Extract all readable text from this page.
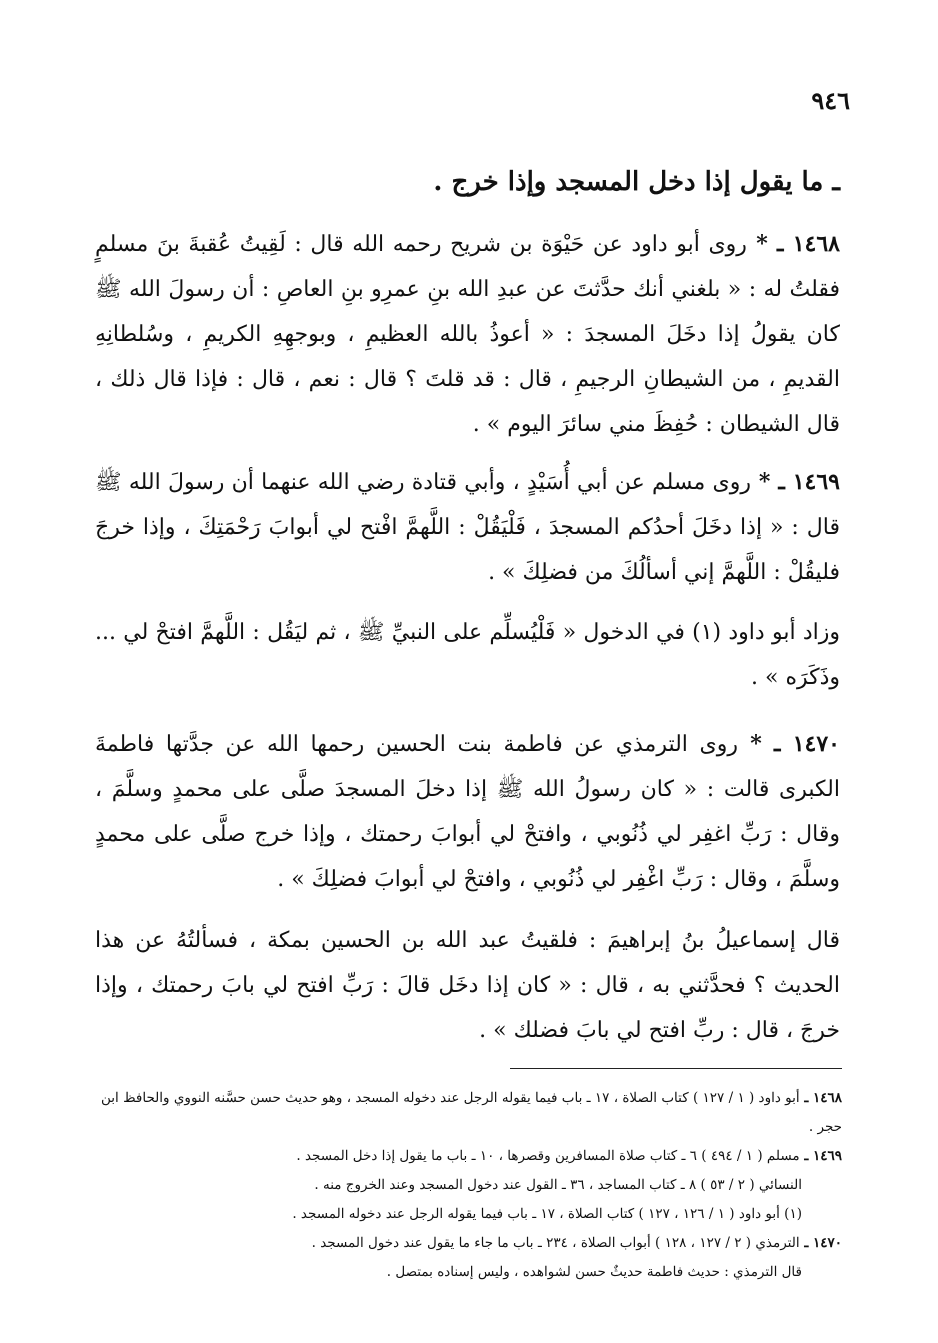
٩٤٦
ـ ما يقول إذا دخل المسجد وإذا خرج .
١٤٦٨ ـ * روى أبو داود عن حَيْوَة بن شريح رحمه الله قال : لَقِيتُ عُقبةَ بنَ مسلمٍ فقلتُ له : « بلغني أنك حدَّثتَ عن عبدِ الله بنِ عمرِو بنِ العاصِ : أن رسولَ الله ﷺ كان يقولُ إذا دخَلَ المسجدَ : « أعوذُ بالله العظيمِ ، وبوجهِهِ الكريمِ ، وسُلطانِهِ القديمِ ، من الشيطانِ الرجيمِ ، قال : قد قلتَ ؟ قال : نعم ، قال : فإذا قال ذلك ، قال الشيطان : حُفِظَ مني سائرَ اليوم » .
١٤٦٩ ـ * روى مسلم عن أبي أُسَيْدٍ ، وأبي قتادة رضي الله عنهما أن رسولَ الله ﷺ قال : « إذا دخَلَ أحدُكم المسجدَ ، فَلْيَقُلْ : اللَّهمَّ افْتح لي أبوابَ رَحْمَتِكَ ، وإذا خرجَ فليقُلْ : اللَّهمَّ إني أسألُكَ من فضلِكَ » .
وزاد أبو داود (١) في الدخول « فَلْيُسلِّم على النبيِّ ﷺ ، ثم ليَقُل : اللَّهمَّ افتحْ لي ... وذَكَرَه » .
١٤٧٠ ـ * روى الترمذي عن فاطمة بنت الحسين رحمها الله عن جدَّتها فاطمةَ الكبرى قالت : « كان رسولُ الله ﷺ إذا دخلَ المسجدَ صلَّى على محمدٍ وسلَّمَ ، وقال : رَبِّ اغفِر لي ذُنُوبي ، وافتحْ لي أبوابَ رحمتك ، وإذا خرج صلَّى على محمدٍ وسلَّمَ ، وقال : رَبِّ اغْفِر لي ذُنُوبي ، وافتحْ لي أبوابَ فضلِكَ » .
قال إسماعيلُ بنُ إبراهيمَ : فلقيتُ عبد الله بن الحسين بمكة ، فسألتُهُ عن هذا الحديث ؟ فحدَّثني به ، قال : « كان إذا دخَل قالَ : رَبِّ افتح لي بابَ رحمتك ، وإذا خرجَ ، قال : ربِّ افتح لي بابَ فضلك » .

١٤٦٨ ـ أبو داود ( ١ / ١٢٧ ) كتاب الصلاة ، ١٧ ـ باب فيما يقوله الرجل عند دخوله المسجد ، وهو حديث حسن حسَّنه النووي والحافظ ابن حجر .

١٤٦٩ ـ مسلم ( ١ / ٤٩٤ ) ٦ ـ كتاب صلاة المسافرين وقصرها ، ١٠ ـ باب ما يقول إذا دخل المسجد .

النسائي ( ٢ / ٥٣ ) ٨ ـ كتاب المساجد ، ٣٦ ـ القول عند دخول المسجد وعند الخروج منه .

(١) أبو داود ( ١ / ١٢٦ ، ١٢٧ ) كتاب الصلاة ، ١٧ ـ باب فيما يقوله الرجل عند دخوله المسجد .

١٤٧٠ ـ الترمذي ( ٢ / ١٢٧ ، ١٢٨ ) أبواب الصلاة ، ٢٣٤ ـ باب ما جاء ما يقول عند دخول المسجد .

قال الترمذي : حديث فاطمة حديثٌ حسن لشواهده ، وليس إسناده بمتصل .
